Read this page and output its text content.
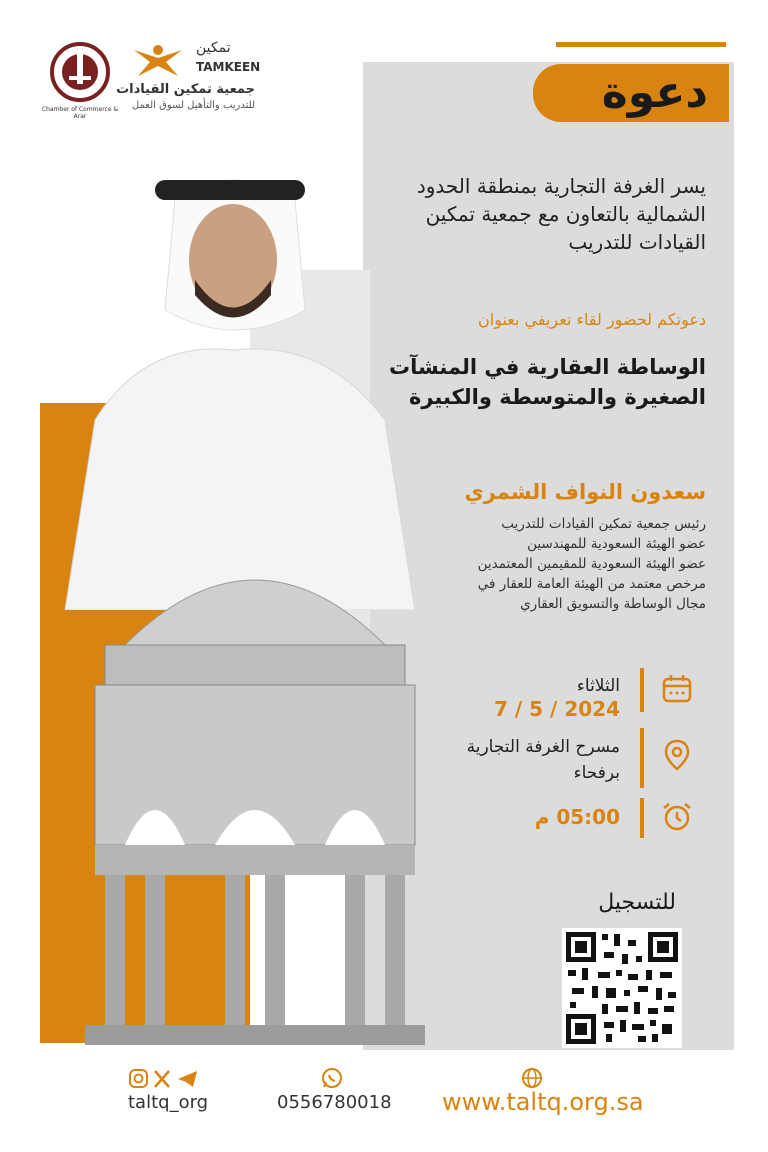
Chamber of Commerce & Arar
تمكين
TAMKEEN
جمعية تمكين القيادات
للتدريب والتأهيل لسوق العمل	دعوة
يسر الغرفة التجارية بمنطقة الحدود الشمالية بالتعاون مع جمعية تمكين القيادات للتدريب
دعوتكم لحضور لقاء تعريفي بعنوان
الوساطة العقارية في المنشآت الصغيرة والمتوسطة والكبيرة
سعدون النواف الشمري
رئيس جمعية تمكين القيادات للتدريب
عضو الهيئة السعودية للمهندسين
عضو الهيئة السعودية للمقيمين المعتمدين
مرخص معتمد من الهيئة العامة للعقار في
مجال الوساطة والتسويق العقاري
الثلاثاء
2024 / 5 / 7
مسرح الغرفة التجارية
برفحاء
05:00 م
للتسجيل
taltq_org	0556780018 www.taltq.org.sa
